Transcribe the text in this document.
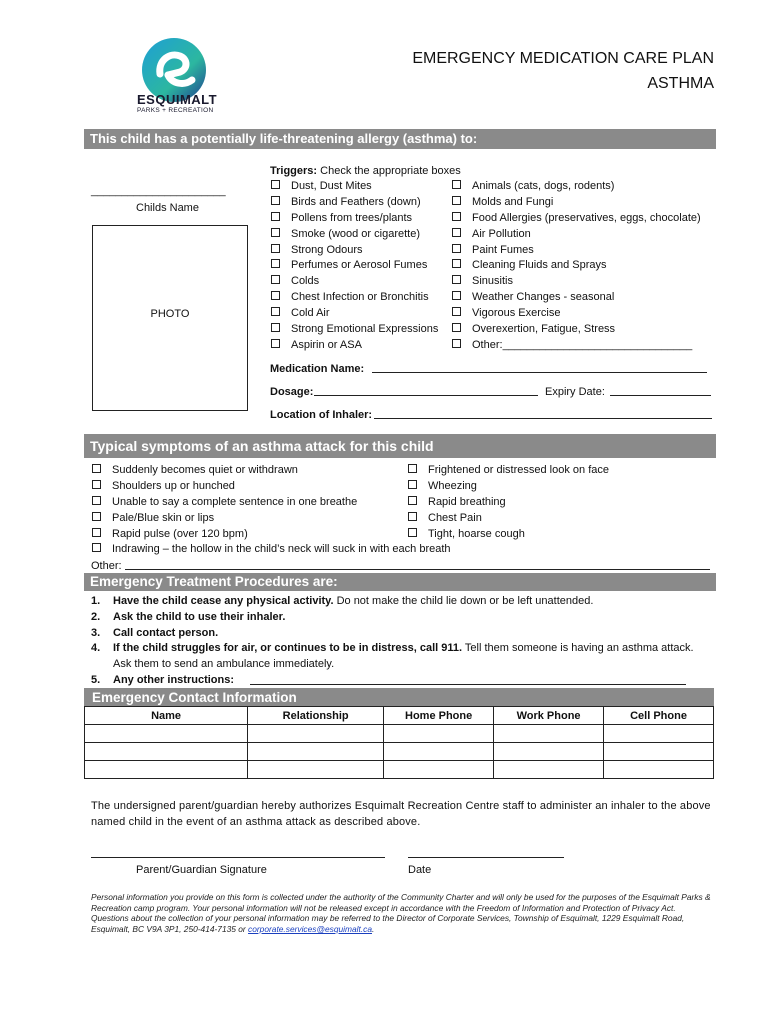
ESQUIMALT
PARKS + RECREATION
EMERGENCY MEDICATION CARE PLAN
ASTHMA
This child has a potentially life-threatening allergy (asthma) to:
______________________
Childs Name
PHOTO
Triggers: Check the appropriate boxes
Dust, Dust Mites
Birds and Feathers (down)
Pollens from trees/plants
Smoke (wood or cigarette)
Strong Odours
Perfumes or Aerosol Fumes
Colds
Chest Infection or Bronchitis
Cold Air
Strong Emotional Expressions
Aspirin or ASA
Animals (cats, dogs, rodents)
Molds and Fungi
Food Allergies (preservatives, eggs, chocolate)
Air Pollution
Paint Fumes
Cleaning Fluids and Sprays
Sinusitis
Weather Changes - seasonal
Vigorous Exercise
Overexertion, Fatigue, Stress
Other:_______________________________
Medication Name:
Dosage:	Expiry Date:
Location of Inhaler:
Typical symptoms of an asthma attack for this child
Suddenly becomes quiet or withdrawn
Shoulders up or hunched
Unable to say a complete sentence in one breathe
Pale/Blue skin or lips
Rapid pulse (over 120 bpm)
Indrawing – the hollow in the child’s neck will suck in with each breath
Frightened or distressed look on face
Wheezing
Rapid breathing
Chest Pain
Tight, hoarse cough
Other:
Emergency Treatment Procedures are:
1. Have the child cease any physical activity. Do not make the child lie down or be left unattended.
2. Ask the child to use their inhaler.
3. Call contact person.
4. If the child struggles for air, or continues to be in distress, call 911. Tell them someone is having an asthma attack.
Ask them to send an ambulance immediately.
5. Any other instructions:
Emergency Contact Information
Name	Relationship	Home Phone	Work Phone	Cell Phone

The undersigned parent/guardian hereby authorizes Esquimalt Recreation Centre staff to administer an inhaler to the above named child in the event of an asthma attack as described above.
Parent/Guardian Signature	Date
Personal information you provide on this form is collected under the authority of the Community Charter and will only be used for the purposes of the Esquimalt Parks & Recreation camp program. Your personal information will not be released except in accordance with the Freedom of Information and Protection of Privacy Act. Questions about the collection of your personal information may be referred to the Director of Corporate Services, Township of Esquimalt, 1229 Esquimalt Road, Esquimalt, BC V9A 3P1, 250-414-7135 or corporate.services@esquimalt.ca.
